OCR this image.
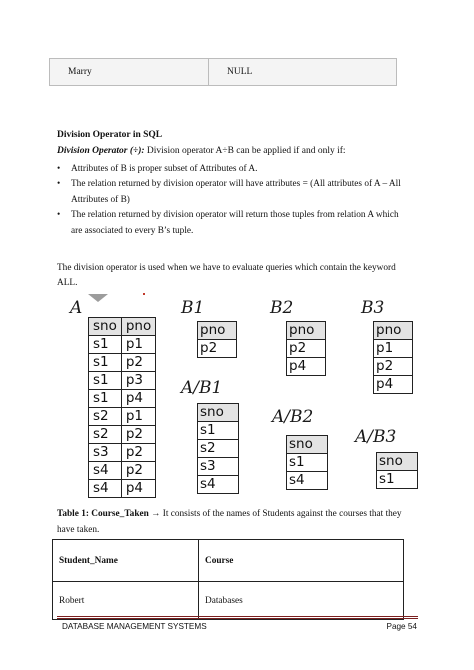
Marry	NULL
Division Operator in SQL
Division Operator (÷): Division operator A÷B can be applied if and only if:
• Attributes of B is proper subset of Attributes of A.
• The relation returned by division operator will have attributes = (All attributes of A – All Attributes of B)
• The relation returned by division operator will return those tuples from relation A which are associated to every B’s tuple.
The division operator is used when we have to evaluate queries which contain the keyword ALL.
A
sno	pno
s1	p1
s1	p2
s1	p3
s1	p4
s2	p1
s2	p2
s3	p2
s4	p2
s4	p4
B1
pno
p2
B2
pno
p2
p4
B3
pno
p1
p2
p4
A/B1
sno
s1
s2
s3
s4
A/B2
sno
s1
s4
A/B3
sno
s1
Table 1: Course_Taken → It consists of the names of Students against the courses that they have taken.
Student_Name	Course
Robert	Databases
DATABASE MANAGEMENT SYSTEMS	Page 54
